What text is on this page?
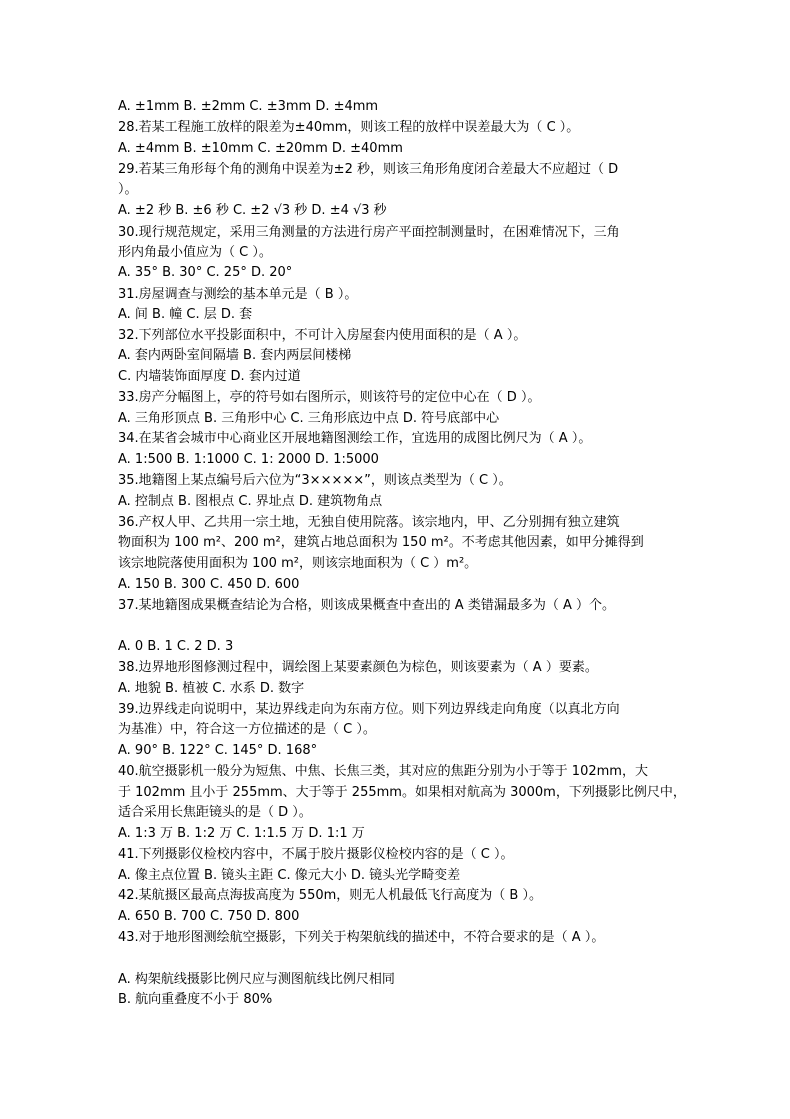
A. ±1mm B. ±2mm C. ±3mm D. ±4mm
28.若某工程施工放样的限差为±40mm，则该工程的放样中误差最大为（ C ）。
A. ±4mm B. ±10mm C. ±20mm D. ±40mm
29.若某三角形每个角的测角中误差为±2 秒，则该三角形角度闭合差最大不应超过（ D
）。
A. ±2 秒 B. ±6 秒 C. ±2 √3 秒 D. ±4 √3 秒
30.现行规范规定，采用三角测量的方法进行房产平面控制测量时，在困难情况下，三角
形内角最小值应为（ C ）。
A. 35° B. 30° C. 25° D. 20°
31.房屋调查与测绘的基本单元是（ B ）。
A. 间 B. 幢 C. 层 D. 套
32.下列部位水平投影面积中，不可计入房屋套内使用面积的是（ A ）。
A. 套内两卧室间隔墙 B. 套内两层间楼梯
C. 内墙装饰面厚度 D. 套内过道
33.房产分幅图上，亭的符号如右图所示，则该符号的定位中心在（ D ）。
A. 三角形顶点 B. 三角形中心 C. 三角形底边中点 D. 符号底部中心
34.在某省会城市中心商业区开展地籍图测绘工作，宜选用的成图比例尺为（ A ）。
A. 1:500 B. 1:1000 C. 1: 2000 D. 1:5000
35.地籍图上某点编号后六位为“3×××××”，则该点类型为（ C ）。
A. 控制点 B. 图根点 C. 界址点 D. 建筑物角点
36.产权人甲、乙共用一宗土地，无独自使用院落。该宗地内，甲、乙分别拥有独立建筑
物面积为 100 m²、200 m²，建筑占地总面积为 150 m²。不考虑其他因素，如甲分摊得到
该宗地院落使用面积为 100 m²，则该宗地面积为（ C ）m²。
A. 150 B. 300 C. 450 D. 600
37.某地籍图成果概查结论为合格，则该成果概查中查出的 A 类错漏最多为（ A ）个。
A. 0 B. 1 C. 2 D. 3
38.边界地形图修测过程中，调绘图上某要素颜色为棕色，则该要素为（ A ）要素。
A. 地貌 B. 植被 C. 水系 D. 数字
39.边界线走向说明中，某边界线走向为东南方位。则下列边界线走向角度（以真北方向
为基准）中，符合这一方位描述的是（ C ）。
A. 90° B. 122° C. 145° D. 168°
40.航空摄影机一般分为短焦、中焦、长焦三类，其对应的焦距分别为小于等于 102mm，大
于 102mm 且小于 255mm、大于等于 255mm。如果相对航高为 3000m，下列摄影比例尺中，
适合采用长焦距镜头的是（ D ）。
A. 1:3 万 B. 1:2 万 C. 1:1.5 万 D. 1:1 万
41.下列摄影仪检校内容中，不属于胶片摄影仪检校内容的是（ C ）。
A. 像主点位置 B. 镜头主距 C. 像元大小 D. 镜头光学畸变差
42.某航摄区最高点海拔高度为 550m，则无人机最低飞行高度为（ B ）。
A. 650 B. 700 C. 750 D. 800
43.对于地形图测绘航空摄影，下列关于构架航线的描述中，不符合要求的是（ A ）。
A. 构架航线摄影比例尺应与测图航线比例尺相同
B. 航向重叠度不小于 80%
